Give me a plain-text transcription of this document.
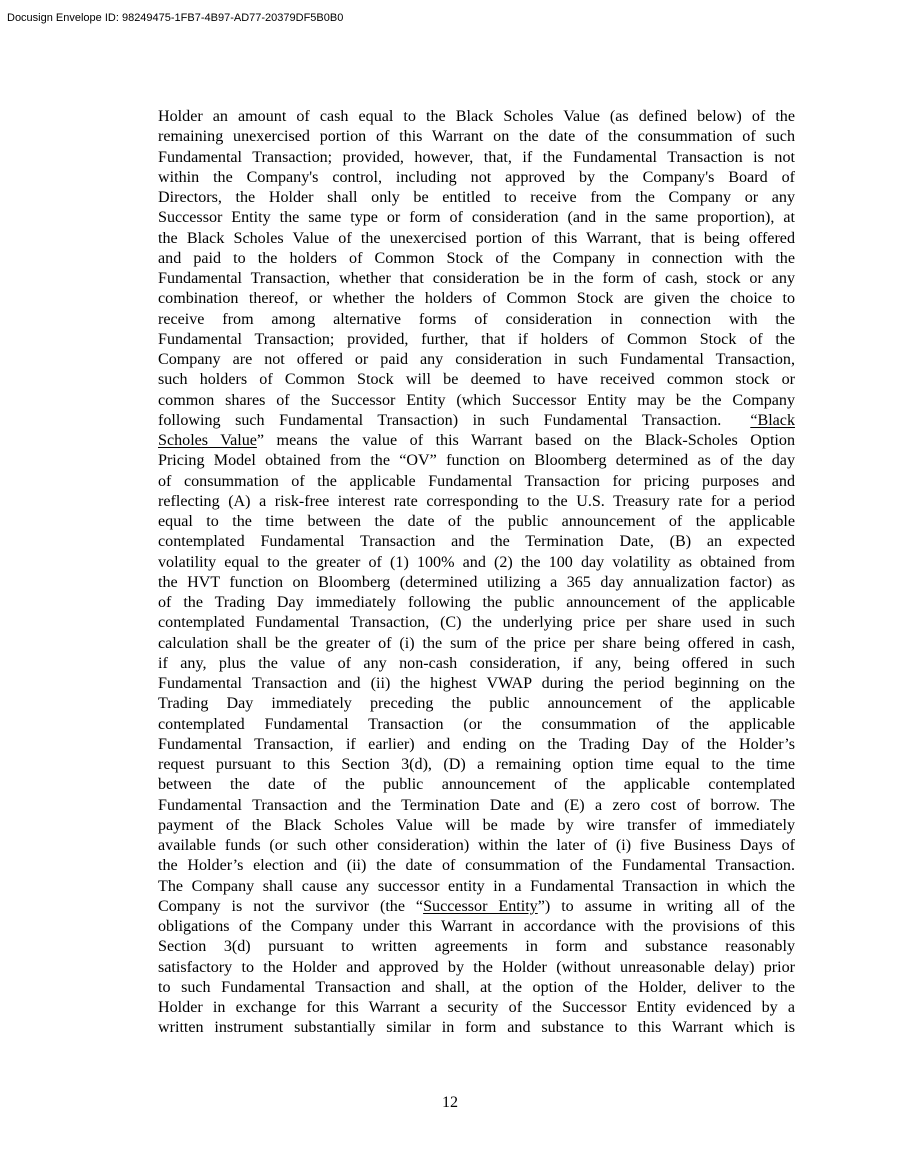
Docusign Envelope ID: 98249475-1FB7-4B97-AD77-20379DF5B0B0
Holder an amount of cash equal to the Black Scholes Value (as defined below) of the
remaining unexercised portion of this Warrant on the date of the consummation of such
Fundamental Transaction; provided, however, that, if the Fundamental Transaction is not
within the Company's control, including not approved by the Company's Board of
Directors, the Holder shall only be entitled to receive from the Company or any
Successor Entity the same type or form of consideration (and in the same proportion), at
the Black Scholes Value of the unexercised portion of this Warrant, that is being offered
and paid to the holders of Common Stock of the Company in connection with the
Fundamental Transaction, whether that consideration be in the form of cash, stock or any
combination thereof, or whether the holders of Common Stock are given the choice to
receive from among alternative forms of consideration in connection with the
Fundamental Transaction; provided, further, that if holders of Common Stock of the
Company are not offered or paid any consideration in such Fundamental Transaction,
such holders of Common Stock will be deemed to have received common stock or
common shares of the Successor Entity (which Successor Entity may be the Company
following such Fundamental Transaction) in such Fundamental Transaction. “Black
Scholes Value” means the value of this Warrant based on the Black-Scholes Option
Pricing Model obtained from the “OV” function on Bloomberg determined as of the day
of consummation of the applicable Fundamental Transaction for pricing purposes and
reflecting (A) a risk-free interest rate corresponding to the U.S. Treasury rate for a period
equal to the time between the date of the public announcement of the applicable
contemplated Fundamental Transaction and the Termination Date, (B) an expected
volatility equal to the greater of (1) 100% and (2) the 100 day volatility as obtained from
the HVT function on Bloomberg (determined utilizing a 365 day annualization factor) as
of the Trading Day immediately following the public announcement of the applicable
contemplated Fundamental Transaction, (C) the underlying price per share used in such
calculation shall be the greater of (i) the sum of the price per share being offered in cash,
if any, plus the value of any non-cash consideration, if any, being offered in such
Fundamental Transaction and (ii) the highest VWAP during the period beginning on the
Trading Day immediately preceding the public announcement of the applicable
contemplated Fundamental Transaction (or the consummation of the applicable
Fundamental Transaction, if earlier) and ending on the Trading Day of the Holder’s
request pursuant to this Section 3(d), (D) a remaining option time equal to the time
between the date of the public announcement of the applicable contemplated
Fundamental Transaction and the Termination Date and (E) a zero cost of borrow. The
payment of the Black Scholes Value will be made by wire transfer of immediately
available funds (or such other consideration) within the later of (i) five Business Days of
the Holder’s election and (ii) the date of consummation of the Fundamental Transaction.
The Company shall cause any successor entity in a Fundamental Transaction in which the
Company is not the survivor (the “Successor Entity”) to assume in writing all of the
obligations of the Company under this Warrant in accordance with the provisions of this
Section 3(d) pursuant to written agreements in form and substance reasonably
satisfactory to the Holder and approved by the Holder (without unreasonable delay) prior
to such Fundamental Transaction and shall, at the option of the Holder, deliver to the
Holder in exchange for this Warrant a security of the Successor Entity evidenced by a
written instrument substantially similar in form and substance to this Warrant which is
12
